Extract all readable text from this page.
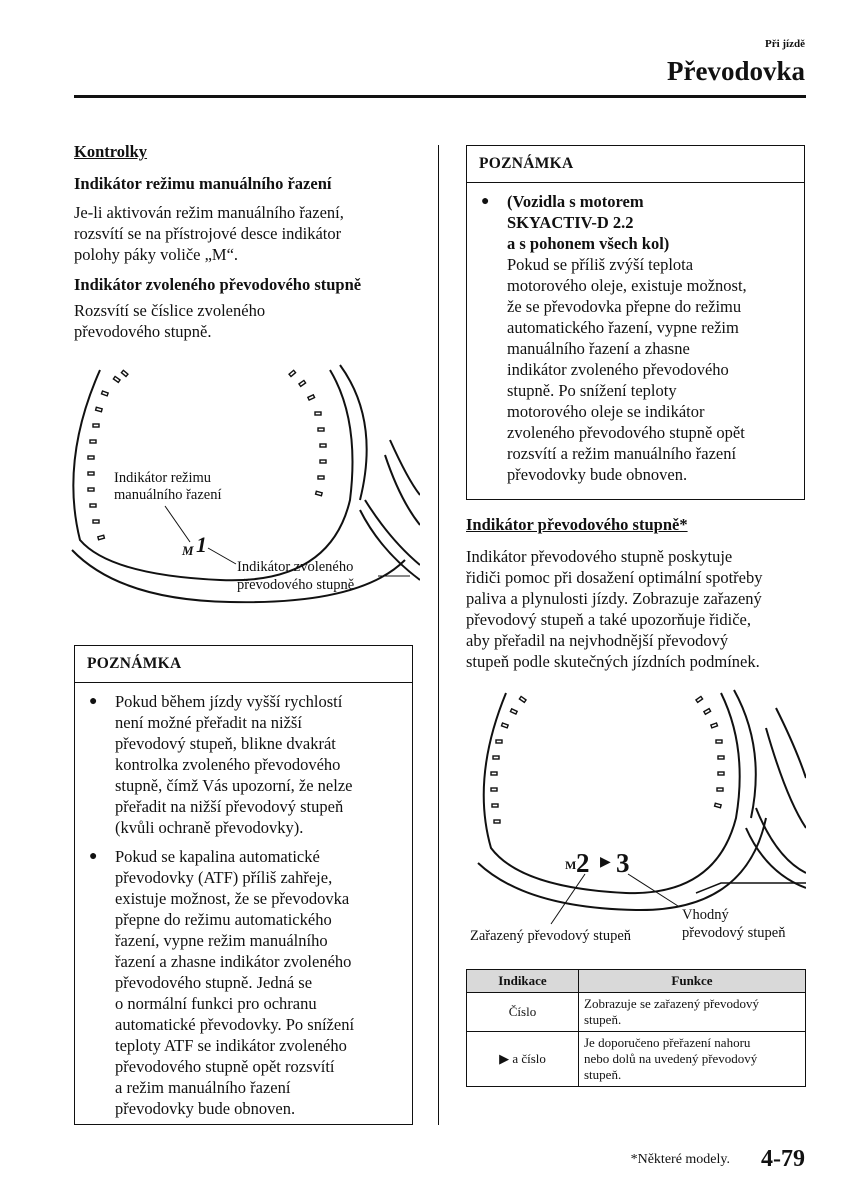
Při jízdě
Převodovka
Kontrolky
Indikátor režimu manuálního řazení
Je-li aktivován režim manuálního řazení,
rozsvítí se na přístrojové desce indikátor
polohy páky voliče „M“.
Indikátor zvoleného převodového stupně
Rozsvítí se číslice zvoleného
převodového stupně.
M 1
Indikátor režimu
manuálního řazení
Indikátor zvoleného
převodového stupně
POZNÁMKA
●	Pokud během jízdy vyšší rychlostí
není možné přeřadit na nižší
převodový stupeň, blikne dvakrát
kontrolka zvoleného převodového
stupně, čímž Vás upozorní, že nelze
přeřadit na nižší převodový stupeň
(kvůli ochraně převodovky).
●	Pokud se kapalina automatické
převodovky (ATF) příliš zahřeje,
existuje možnost, že se převodovka
přepne do režimu automatického
řazení, vypne režim manuálního
řazení a zhasne indikátor zvoleného
převodového stupně. Jedná se
o normální funkci pro ochranu
automatické převodovky. Po snížení
teploty ATF se indikátor zvoleného
převodového stupně opět rozsvítí
a režim manuálního řazení
převodovky bude obnoven.
POZNÁMKA
●	(Vozidla s motorem
SKYACTIV-D 2.2
a s pohonem všech kol)
Pokud se příliš zvýší teplota
motorového oleje, existuje možnost,
že se převodovka přepne do režimu
automatického řazení, vypne režim
manuálního řazení a zhasne
indikátor zvoleného převodového
stupně. Po snížení teploty
motorového oleje se indikátor
zvoleného převodového stupně opět
rozsvítí a režim manuálního řazení
převodovky bude obnoven.
Indikátor převodového stupně*
Indikátor převodového stupně poskytuje
řidiči pomoc při dosažení optimální spotřeby
paliva a plynulosti jízdy. Zobrazuje zařazený
převodový stupeň a také upozorňuje řidiče,
aby přeřadil na nejvhodnější převodový
stupeň podle skutečných jízdních podmínek.
M 2 ▶ 3
Zařazený převodový stupeň
Vhodný
převodový stupeň
Indikace	Funkce
Číslo	Zobrazuje se zařazený převodový
stupeň.

▶ a číslo	Je doporučeno přeřazení nahoru
nebo dolů na uvedený převodový
stupeň.
*Některé modely. 4-79
